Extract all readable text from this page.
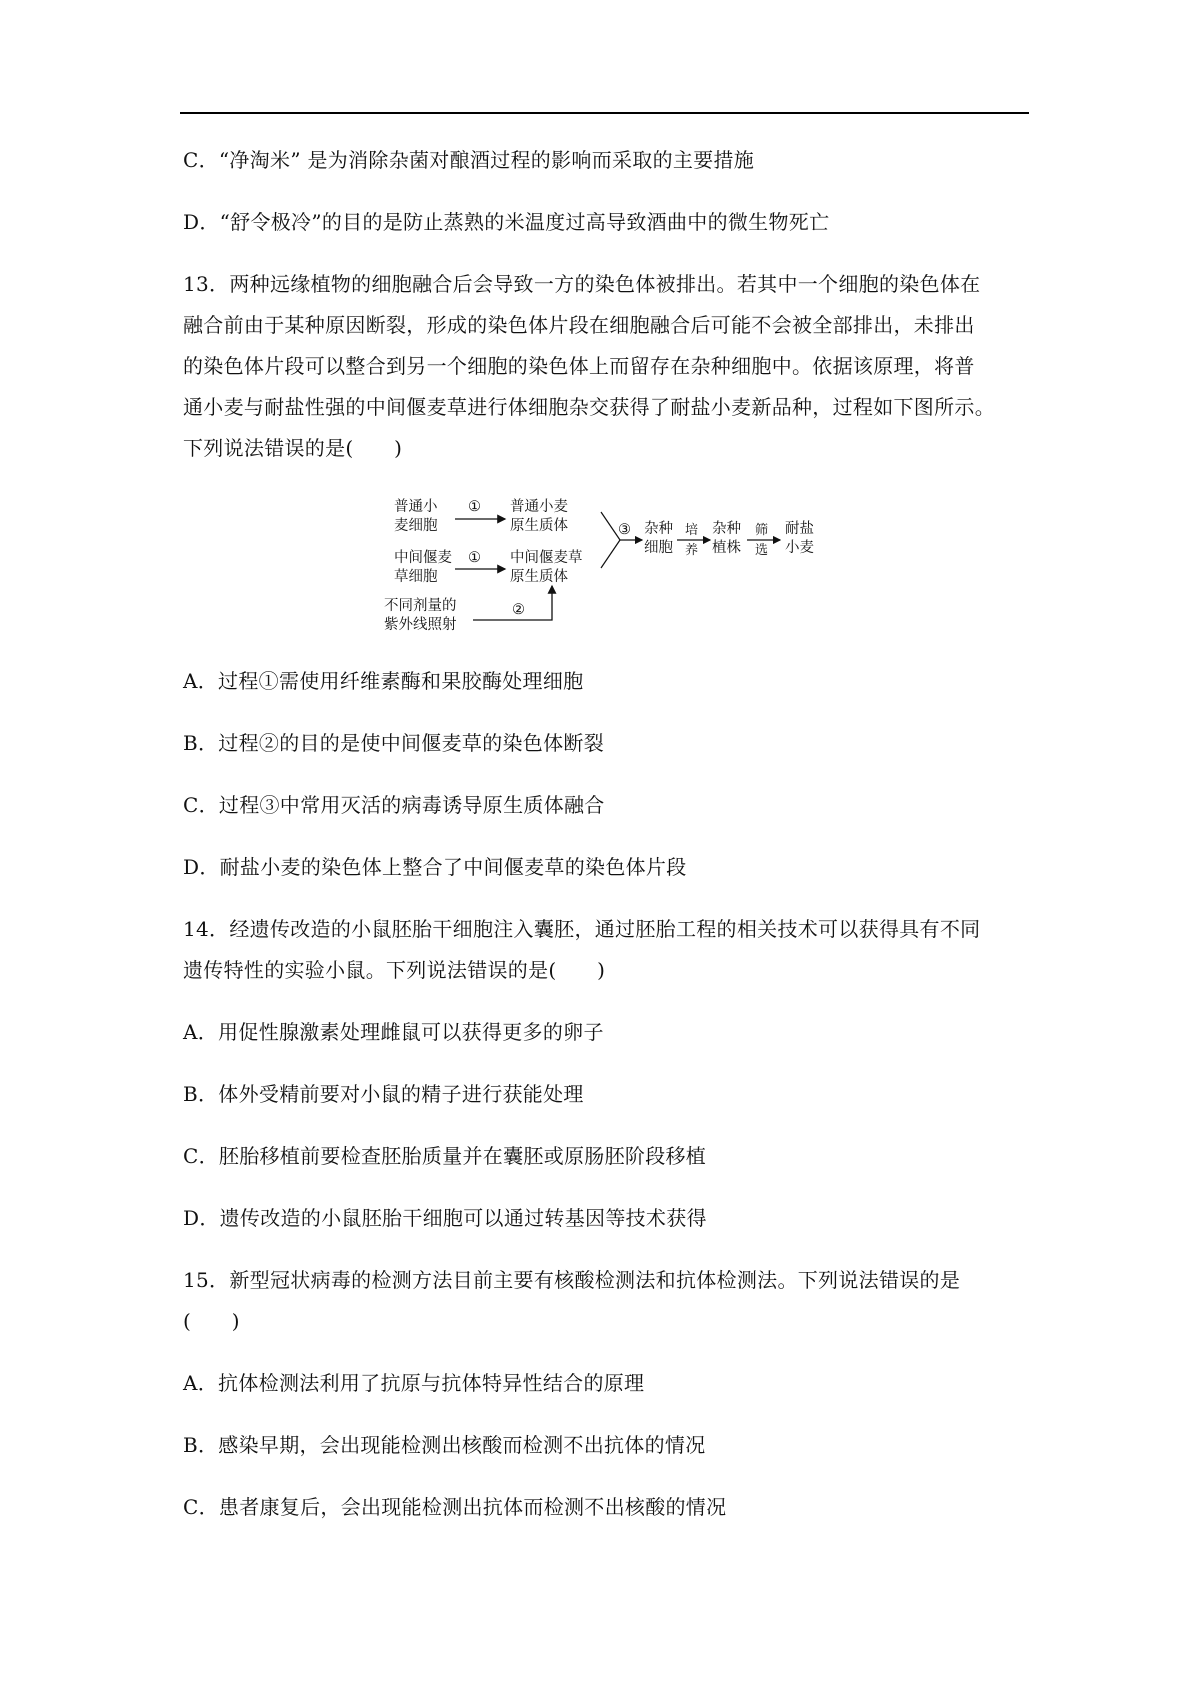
C．“净淘米” 是为消除杂菌对酿酒过程的影响而采取的主要措施
D．“舒令极冷”的目的是防止蒸熟的米温度过高导致酒曲中的微生物死亡
13．两种远缘植物的细胞融合后会导致一方的染色体被排出。若其中一个细胞的染色体在
融合前由于某种原因断裂，形成的染色体片段在细胞融合后可能不会被全部排出，未排出
的染色体片段可以整合到另一个细胞的染色体上而留存在杂种细胞中。依据该原理，将普
通小麦与耐盐性强的中间偃麦草进行体细胞杂交获得了耐盐小麦新品种，过程如下图所示。
下列说法错误的是(　　)
普通小
麦细胞
① 普通小麦
原生质体
中间偃麦
草细胞
① 中间偃麦草
原生质体
不同剂量的
紫外线照射
②
③ 杂种
细胞
培
养
杂种
植株
筛
选
耐盐
小麦
A．过程①需使用纤维素酶和果胶酶处理细胞
B．过程②的目的是使中间偃麦草的染色体断裂
C．过程③中常用灭活的病毒诱导原生质体融合
D．耐盐小麦的染色体上整合了中间偃麦草的染色体片段
14．经遗传改造的小鼠胚胎干细胞注入囊胚，通过胚胎工程的相关技术可以获得具有不同
遗传特性的实验小鼠。下列说法错误的是(　　)
A．用促性腺激素处理雌鼠可以获得更多的卵子
B．体外受精前要对小鼠的精子进行获能处理
C．胚胎移植前要检查胚胎质量并在囊胚或原肠胚阶段移植
D．遗传改造的小鼠胚胎干细胞可以通过转基因等技术获得
15．新型冠状病毒的检测方法目前主要有核酸检测法和抗体检测法。下列说法错误的是
(　　)
A．抗体检测法利用了抗原与抗体特异性结合的原理
B．感染早期，会出现能检测出核酸而检测不出抗体的情况
C．患者康复后，会出现能检测出抗体而检测不出核酸的情况
